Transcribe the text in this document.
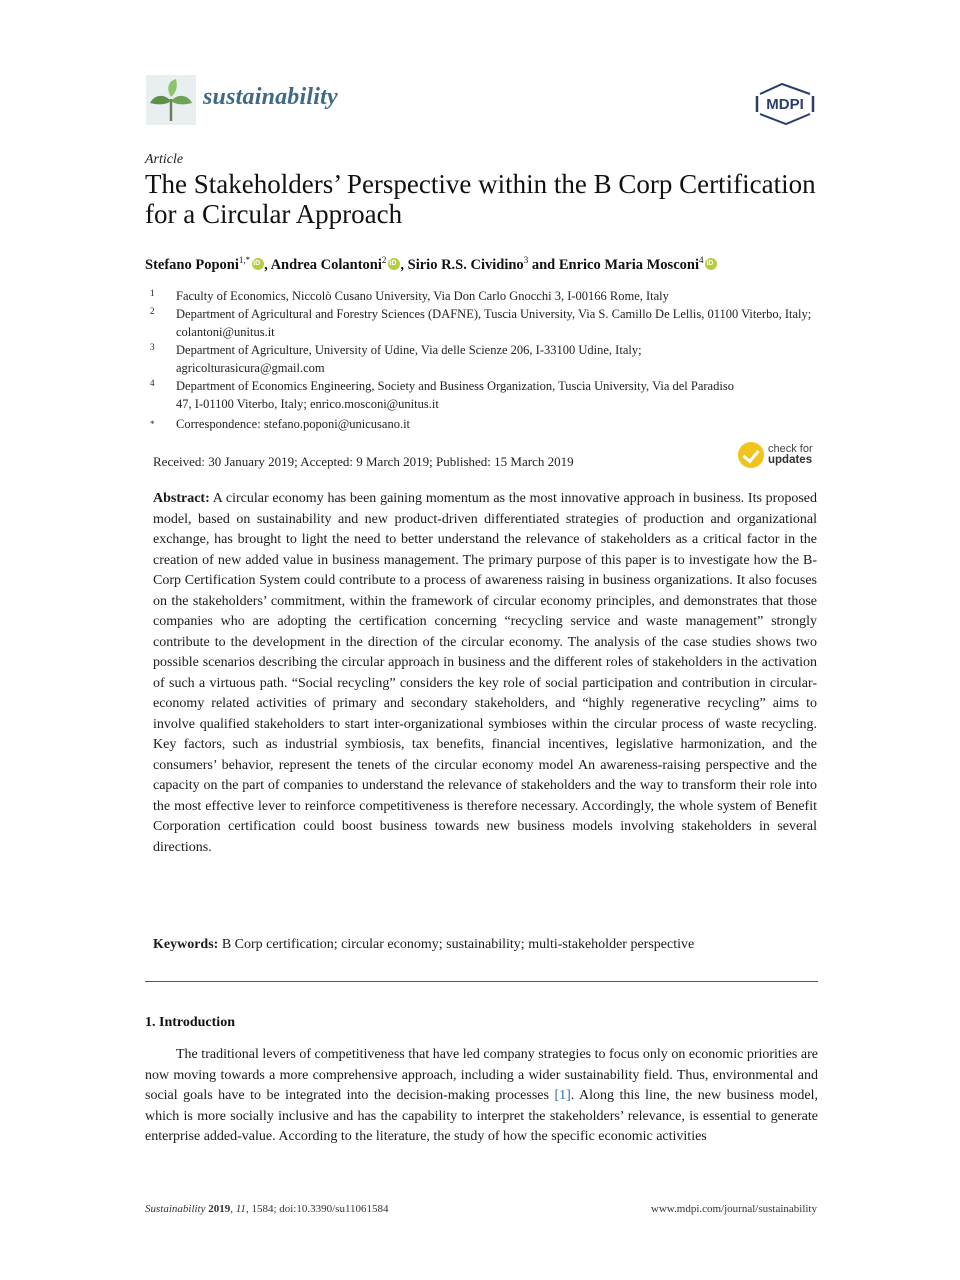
sustainability	MDPI
Article
The Stakeholders’ Perspective within the B Corp Certification for a Circular Approach
Stefano Poponi$^{1,*}$ iD , Andrea Colantoni$^2$ iD , Sirio R.S. Cividino$^3$ and Enrico Maria Mosconi$^4$iD
1 Faculty of Economics, Niccolò Cusano University, Via Don Carlo Gnocchi 3, I-00166 Rome, Italy
2 Department of Agricultural and Forestry Sciences (DAFNE), Tuscia University, Via S. Camillo De Lellis, 01100 Viterbo, Italy; colantoni@unitus.it
3 Department of Agriculture, University of Udine, Via delle Scienze 206, I-33100 Udine, Italy; agricolturasicura@gmail.com
4 Department of Economics Engineering, Society and Business Organization, Tuscia University, Via del Paradiso 47, I-01100 Viterbo, Italy; enrico.mosconi@unitus.it
* Correspondence: stefano.poponi@unicusano.it
Received: 30 January 2019; Accepted: 9 March 2019; Published: 15 March 2019
check for
updates
Abstract: A circular economy has been gaining momentum as the most innovative approach in business. Its proposed model, based on sustainability and new product-driven differentiated strategies of production and organizational exchange, has brought to light the need to better understand the relevance of stakeholders as a critical factor in the creation of new added value in business management. The primary purpose of this paper is to investigate how the B-Corp Certification System could contribute to a process of awareness raising in business organizations. It also focuses on the stakeholders’ commitment, within the framework of circular economy principles, and demonstrates that those companies who are adopting the certification concerning “recycling service and waste management” strongly contribute to the development in the direction of the circular economy. The analysis of the case studies shows two possible scenarios describing the circular approach in business and the different roles of stakeholders in the activation of such a virtuous path. “Social recycling” considers the key role of social participation and contribution in circular-economy related activities of primary and secondary stakeholders, and “highly regenerative recycling” aims to involve qualified stakeholders to start inter-organizational symbioses within the circular process of waste recycling. Key factors, such as industrial symbiosis, tax benefits, financial incentives, legislative harmonization, and the consumers’ behavior, represent the tenets of the circular economy model An awareness-raising perspective and the capacity on the part of companies to understand the relevance of stakeholders and the way to transform their role into the most effective lever to reinforce competitiveness is therefore necessary. Accordingly, the whole system of Benefit Corporation certification could boost business towards new business models involving stakeholders in several directions.
Keywords: B Corp certification; circular economy; sustainability; multi-stakeholder perspective
1. Introduction
The traditional levers of competitiveness that have led company strategies to focus only on economic priorities are now moving towards a more comprehensive approach, including a wider sustainability field. Thus, environmental and social goals have to be integrated into the decision-making processes [1]. Along this line, the new business model, which is more socially inclusive and has the capability to interpret the stakeholders’ relevance, is essential to generate enterprise added-value. According to the literature, the study of how the specific economic activities
Sustainability 2019, 11, 1584; doi:10.3390/su11061584	www.mdpi.com/journal/sustainability
